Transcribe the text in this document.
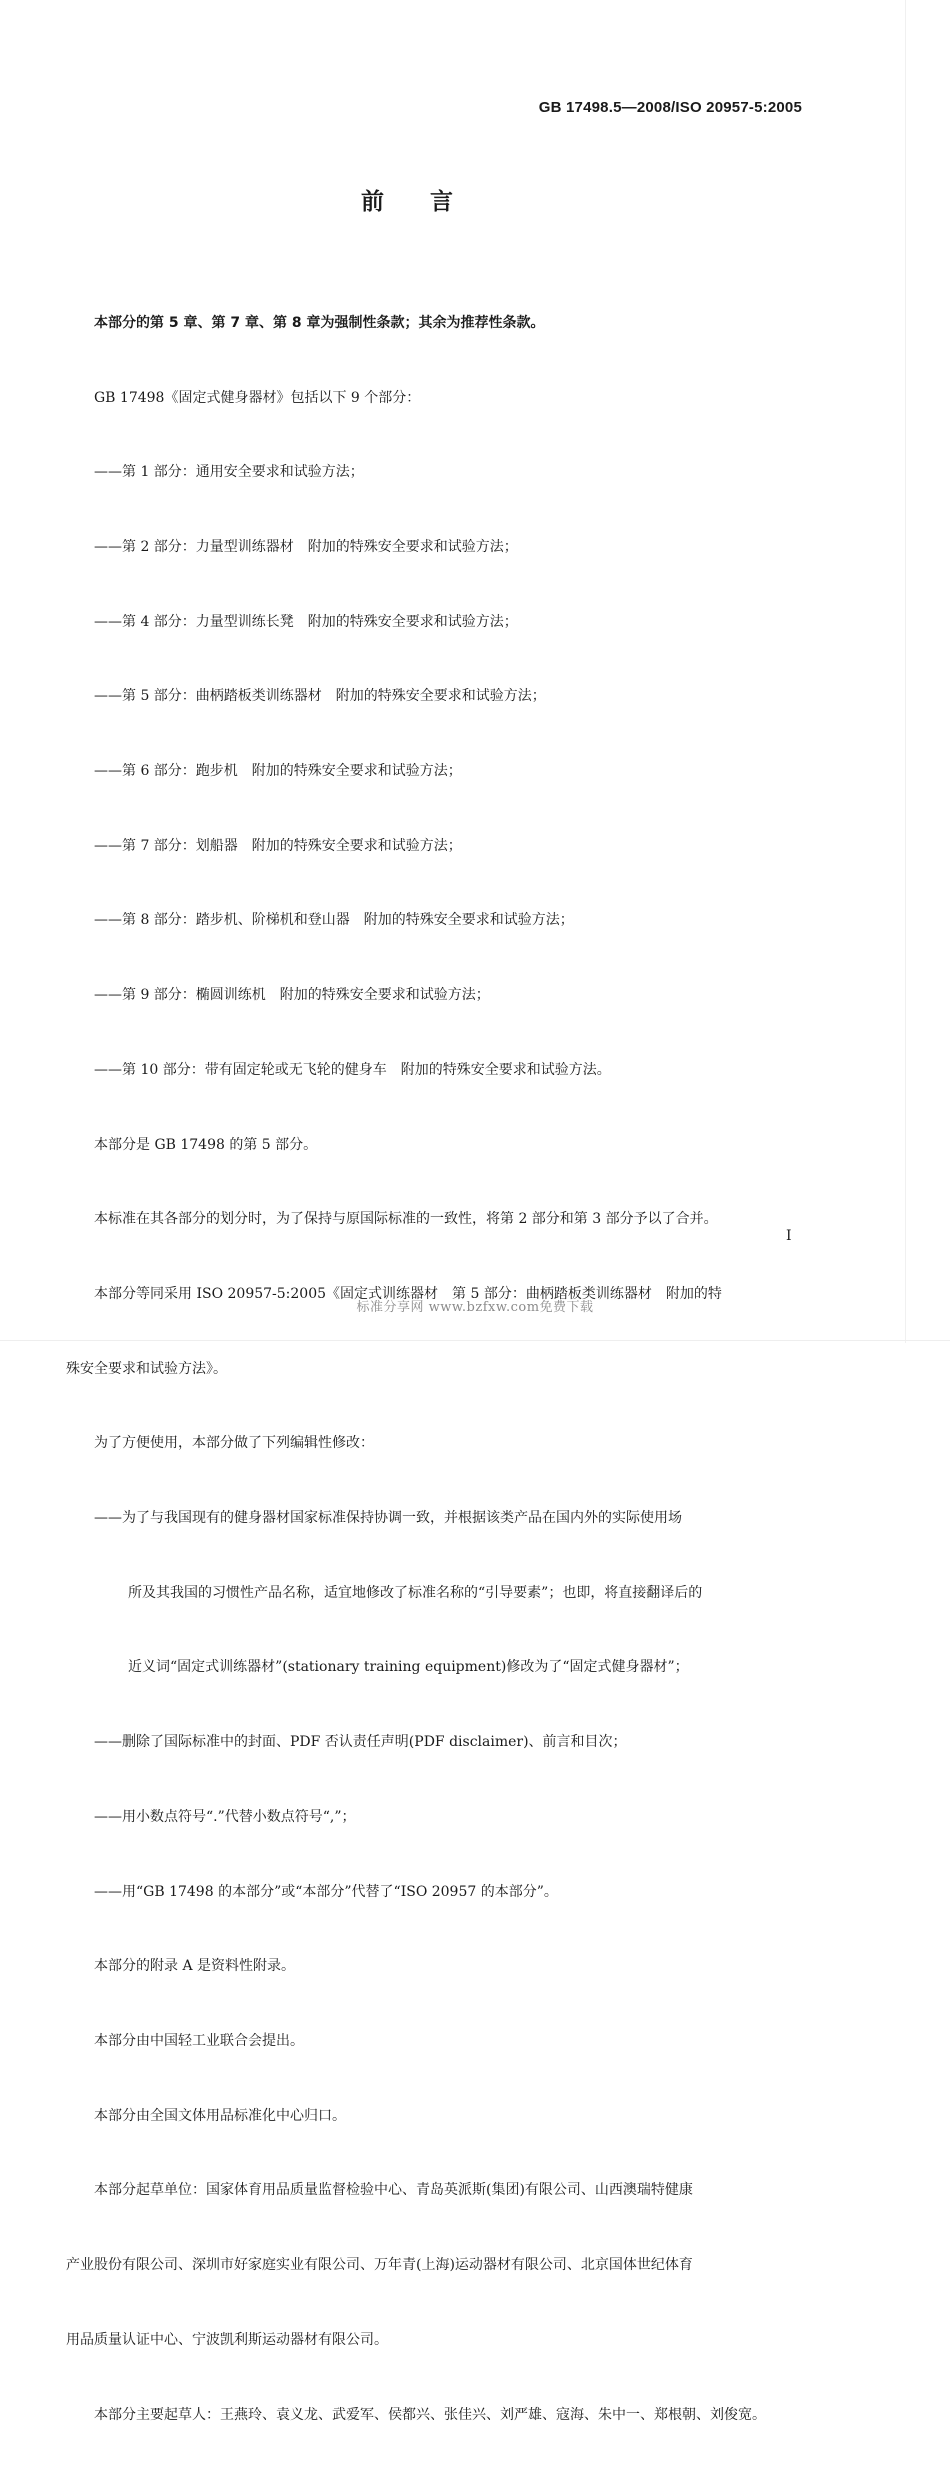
GB 17498.5—2008/ISO 20957-5:2005
前言

本部分的第 5 章、第 7 章、第 8 章为强制性条款；其余为推荐性条款。

GB 17498《固定式健身器材》包括以下 9 个部分：

——第 1 部分：通用安全要求和试验方法；

——第 2 部分：力量型训练器材　附加的特殊安全要求和试验方法；

——第 4 部分：力量型训练长凳　附加的特殊安全要求和试验方法；

——第 5 部分：曲柄踏板类训练器材　附加的特殊安全要求和试验方法；

——第 6 部分：跑步机　附加的特殊安全要求和试验方法；

——第 7 部分：划船器　附加的特殊安全要求和试验方法；

——第 8 部分：踏步机、阶梯机和登山器　附加的特殊安全要求和试验方法；

——第 9 部分：椭圆训练机　附加的特殊安全要求和试验方法；

——第 10 部分：带有固定轮或无飞轮的健身车　附加的特殊安全要求和试验方法。

本部分是 GB 17498 的第 5 部分。

本标准在其各部分的划分时，为了保持与原国际标准的一致性，将第 2 部分和第 3 部分予以了合并。

本部分等同采用 ISO 20957-5:2005《固定式训练器材　第 5 部分：曲柄踏板类训练器材　附加的特

殊安全要求和试验方法》。

为了方便使用，本部分做了下列编辑性修改：

——为了与我国现有的健身器材国家标准保持协调一致，并根据该类产品在国内外的实际使用场

所及其我国的习惯性产品名称，适宜地修改了标准名称的“引导要素”；也即，将直接翻译后的

近义词“固定式训练器材”(stationary training equipment)修改为了“固定式健身器材”；

——删除了国际标准中的封面、PDF 否认责任声明(PDF disclaimer)、前言和目次；

——用小数点符号“.”代替小数点符号“,”；

——用“GB 17498 的本部分”或“本部分”代替了“ISO 20957 的本部分”。

本部分的附录 A 是资料性附录。

本部分由中国轻工业联合会提出。

本部分由全国文体用品标准化中心归口。

本部分起草单位：国家体育用品质量监督检验中心、青岛英派斯(集团)有限公司、山西澳瑞特健康

产业股份有限公司、深圳市好家庭实业有限公司、万年青(上海)运动器材有限公司、北京国体世纪体育

用品质量认证中心、宁波凯利斯运动器材有限公司。

本部分主要起草人：王燕玲、袁义龙、武爱军、侯都兴、张佳兴、刘严雄、寇海、朱中一、郑根朝、刘俊宽。

I
标准分享网 www.bzfxw.com免费下载
